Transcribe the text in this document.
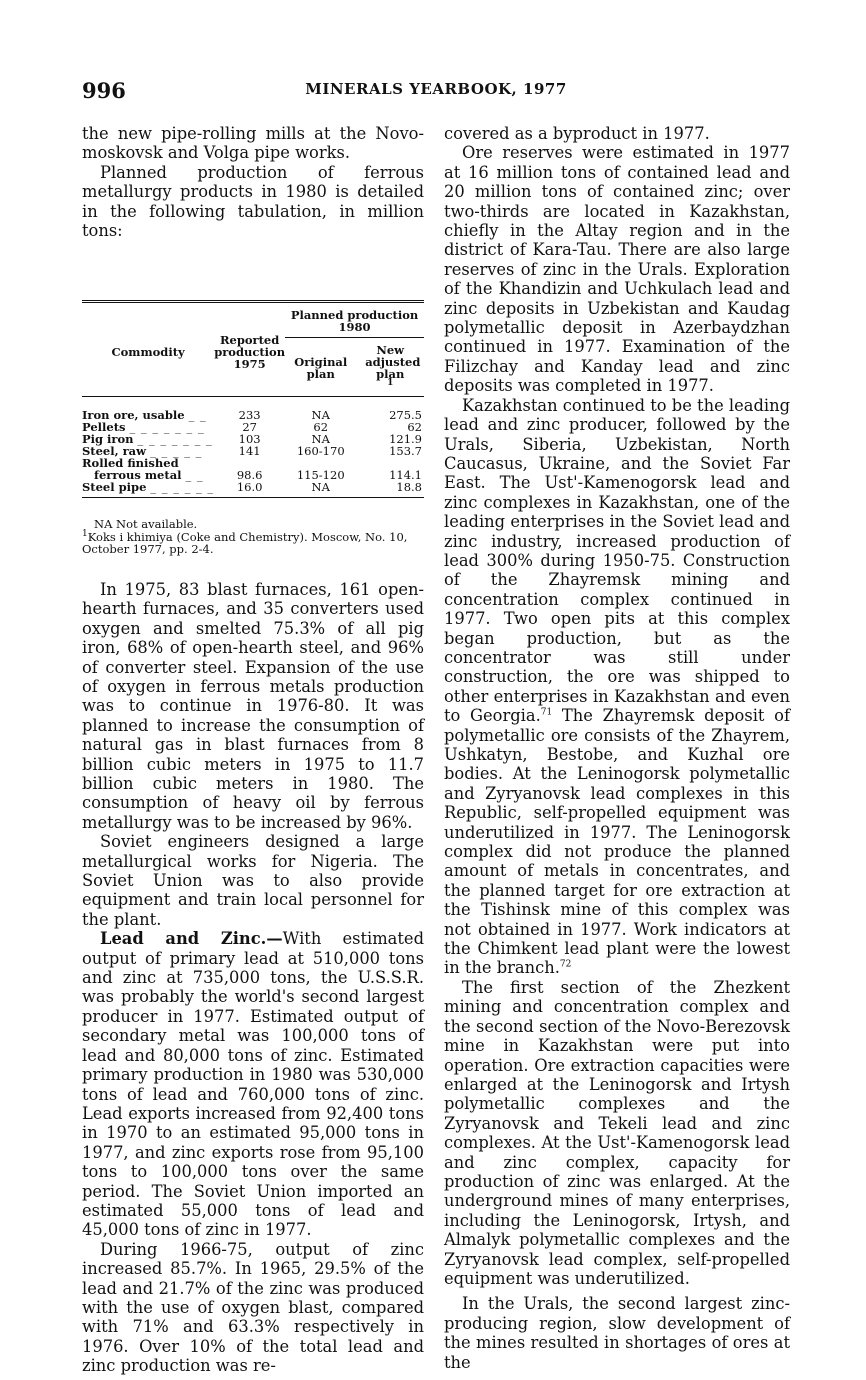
996	MINERALS YEARBOOK, 1977

the new pipe-rolling mills at the Novo-moskovsk and Volga pipe works.

Planned production of ferrous metallurgy products in 1980 is detailed in the following tabulation, in million tons:

Commodity	Reported production 1975	Planned production 1980	
		Original plan	New adjusted plan
$^1$

Iron ore, usable _ _	233	NA	275.5
Pellets _ _ _ _ _ _ _	27	62	62
Pig iron _ _ _ _ _ _ _	103	NA	121.9
Steel, raw _ _ _ _ _	141	160-170	153.7
Rolled finished			
ferrous metal _ _	98.6	115-120	114.1
Steel pipe _ _ _ _ _ _	16.0	NA	18.8
NA Not available.
$^1$Koks i khimiya (Coke and Chemistry). Moscow, No. 10, October 1977, pp. 2-4.

In 1975, 83 blast furnaces, 161 open-hearth furnaces, and 35 converters used oxygen and smelted 75.3% of all pig iron, 68% of open-hearth steel, and 96% of converter steel. Expansion of the use of oxygen in ferrous metals production was to continue in 1976-80. It was planned to increase the consumption of natural gas in blast furnaces from 8 billion cubic meters in 1975 to 11.7 billion cubic meters in 1980. The consumption of heavy oil by ferrous metallurgy was to be increased by 96%.

Soviet engineers designed a large metallurgical works for Nigeria. The Soviet Union was to also provide equipment and train local personnel for the plant.

Lead and Zinc.—With estimated output of primary lead at 510,000 tons and zinc at 735,000 tons, the U.S.S.R. was probably the world's second largest producer in 1977. Estimated output of secondary metal was 100,000 tons of lead and 80,000 tons of zinc. Estimated primary production in 1980 was 530,000 tons of lead and 760,000 tons of zinc. Lead exports increased from 92,400 tons in 1970 to an estimated 95,000 tons in 1977, and zinc exports rose from 95,100 tons to 100,000 tons over the same period. The Soviet Union imported an estimated 55,000 tons of lead and 45,000 tons of zinc in 1977.

During 1966-75, output of zinc increased 85.7%. In 1965, 29.5% of the lead and 21.7% of the zinc was produced with the use of oxygen blast, compared with 71% and 63.3% respectively in 1976. Over 10% of the total lead and zinc production was re-

covered as a byproduct in 1977.

Ore reserves were estimated in 1977 at 16 million tons of contained lead and 20 million tons of contained zinc; over two-thirds are located in Kazakhstan, chiefly in the Altay region and in the district of Kara-Tau. There are also large reserves of zinc in the Urals. Exploration of the Khandizin and Uchkulach lead and zinc deposits in Uzbekistan and Kaudag polymetallic deposit in Azerbaydzhan continued in 1977. Examination of the Filizchay and Kanday lead and zinc deposits was completed in 1977.

Kazakhstan continued to be the leading lead and zinc producer, followed by the Urals, Siberia, Uzbekistan, North Caucasus, Ukraine, and the Soviet Far East. The Ust'-Kamenogorsk lead and zinc complexes in Kazakhstan, one of the leading enterprises in the Soviet lead and zinc industry, increased production of lead 300% during 1950-75. Construction of the Zhayremsk mining and concentration complex continued in 1977. Two open pits at this complex began production, but as the concentrator was still under construction, the ore was shipped to other enterprises in Kazakhstan and even to Georgia.$^{71}$ The Zhayremsk deposit of polymetallic ore consists of the Zhayrem, Ushkatyn, Bestobe, and Kuzhal ore bodies. At the Leninogorsk polymetallic and Zyryanovsk lead complexes in this Republic, self-propelled equipment was underutilized in 1977. The Leninogorsk complex did not produce the planned amount of metals in concentrates, and the planned target for ore extraction at the Tishinsk mine of this complex was not obtained in 1977. Work indicators at the Chimkent lead plant were the lowest in the branch.$^{72}$

The first section of the Zhezkent mining and concentration complex and the second section of the Novo-Berezovsk mine in Kazakhstan were put into operation. Ore extraction capacities were enlarged at the Leninogorsk and Irtysh polymetallic complexes and the Zyryanovsk and Tekeli lead and zinc complexes. At the Ust'-Kamenogorsk lead and zinc complex, capacity for production of zinc was enlarged. At the underground mines of many enterprises, including the Leninogorsk, Irtysh, and Almalyk polymetallic complexes and the Zyryanovsk lead complex, self-propelled equipment was underutilized.

In the Urals, the second largest zinc-producing region, slow development of the mines resulted in shortages of ores at the
